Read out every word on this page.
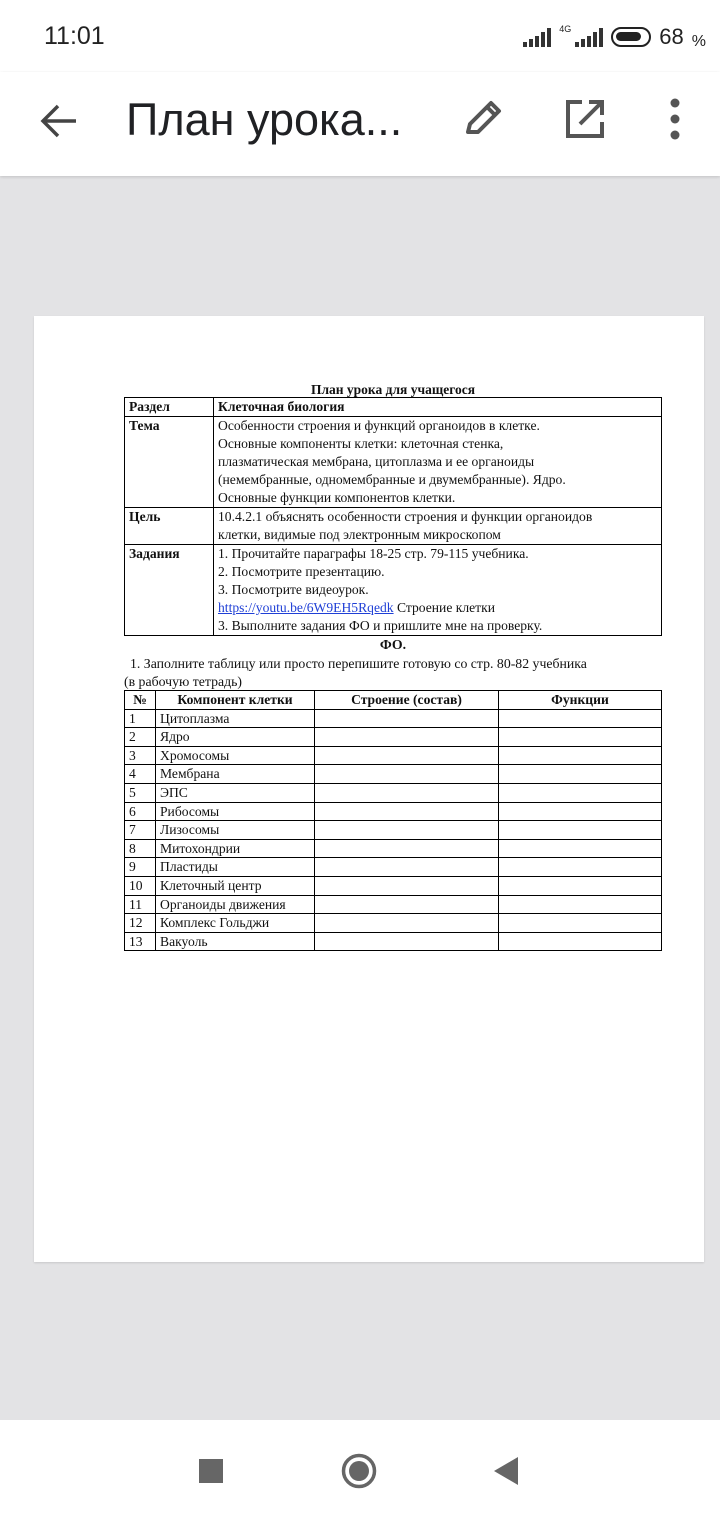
11:01	4G	68 %
План урока...
План урока для учащегося
Раздел	Клеточная биология
Тема	Особенности строения и функций органоидов в клетке.
Основные компоненты клетки: клеточная стенка,
плазматическая мембрана, цитоплазма и ее органоиды
(немембранные, одномембранные и двумембранные). Ядро.
Основные функции компонентов клетки.

Цель	10.4.2.1 объяснять особенности строения и функции органоидов
клетки, видимые под электронным микроскопом

Задания	1. Прочитайте параграфы 18-25 стр. 79-115 учебника.
2. Посмотрите презентацию.
3. Посмотрите видеоурок.
https://youtu.be/6W9EH5Rqedk Строение клетки
3. Выполните задания ФО и пришлите мне на проверку.
ФО.
1. Заполните таблицу или просто перепишите готовую со стр. 80-82 учебника
(в рабочую тетрадь)
№	Компонент клетки	Строение (состав)	Функции
1	Цитоплазма		
2	Ядро		
3	Хромосомы		
4	Мембрана		
5	ЭПС		
6	Рибосомы		
7	Лизосомы		
8	Митохондрии		
9	Пластиды		
10	Клеточный центр		
11	Органоиды движения		
12	Комплекс Гольджи		
13	Вакуоль		
